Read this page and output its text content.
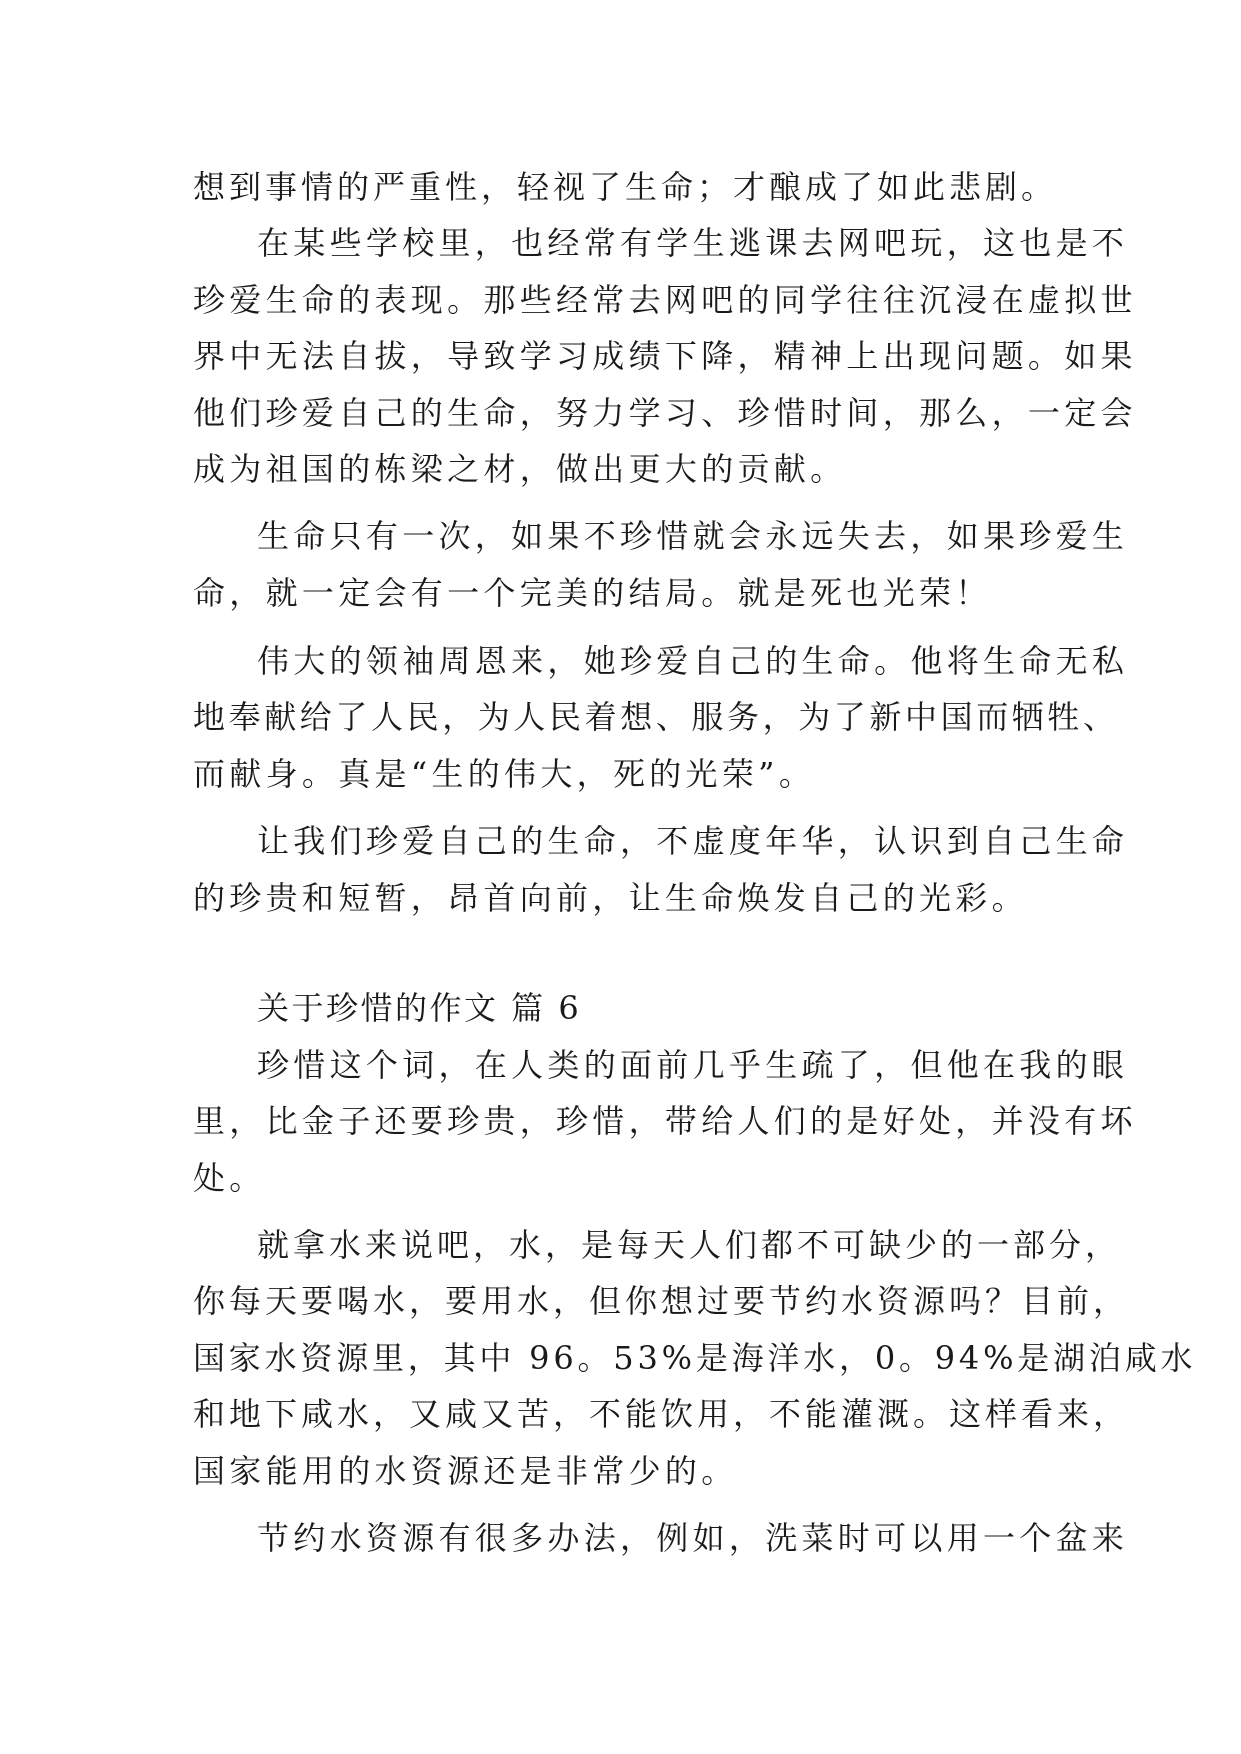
想到事情的严重性，轻视了生命；才酿成了如此悲剧。
在某些学校里，也经常有学生逃课去网吧玩，这也是不
珍爱生命的表现。那些经常去网吧的同学往往沉浸在虚拟世
界中无法自拔，导致学习成绩下降，精神上出现问题。如果
他们珍爱自己的生命，努力学习、珍惜时间，那么，一定会
成为祖国的栋梁之材，做出更大的贡献。
生命只有一次，如果不珍惜就会永远失去，如果珍爱生
命，就一定会有一个完美的结局。就是死也光荣！
伟大的领袖周恩来，她珍爱自己的生命。他将生命无私
地奉献给了人民，为人民着想、服务，为了新中国而牺牲、
而献身。真是“生的伟大，死的光荣”。
让我们珍爱自己的生命，不虚度年华，认识到自己生命
的珍贵和短暂，昂首向前，让生命焕发自己的光彩。
关于珍惜的作文 篇 6
珍惜这个词，在人类的面前几乎生疏了，但他在我的眼
里，比金子还要珍贵，珍惜，带给人们的是好处，并没有坏
处。
就拿水来说吧，水，是每天人们都不可缺少的一部分，
你每天要喝水，要用水，但你想过要节约水资源吗？目前，
国家水资源里，其中 96。53%是海洋水，0。94%是湖泊咸水
和地下咸水，又咸又苦，不能饮用，不能灌溉。这样看来，
国家能用的水资源还是非常少的。
节约水资源有很多办法，例如，洗菜时可以用一个盆来
